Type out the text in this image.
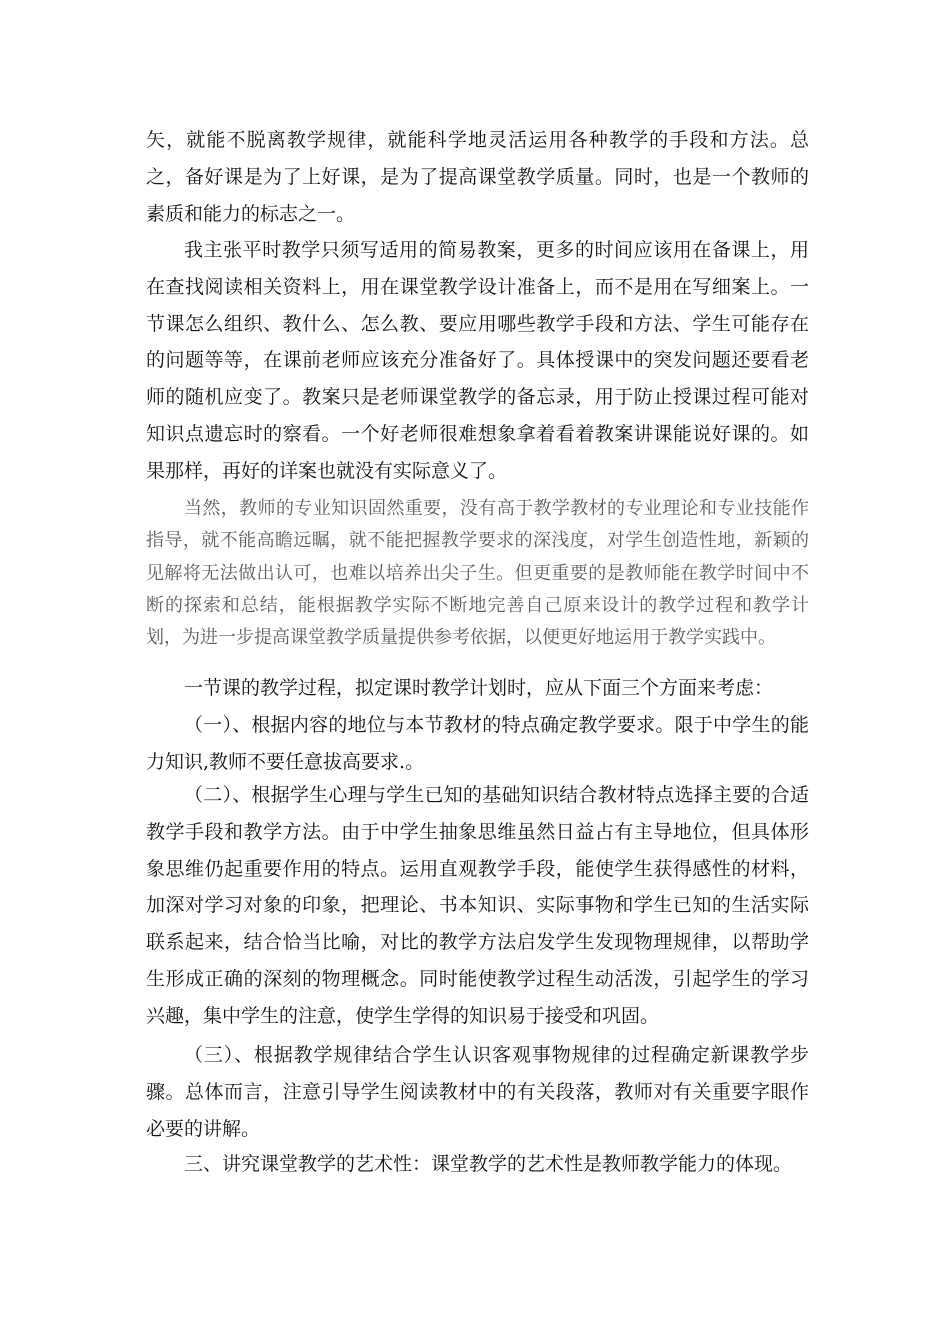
矢，就能不脱离教学规律，就能科学地灵活运用各种教学的手段和方法。总之，备好课是为了上好课，是为了提高课堂教学质量。同时，也是一个教师的素质和能力的标志之一。

我主张平时教学只须写适用的简易教案，更多的时间应该用在备课上，用在查找阅读相关资料上，用在课堂教学设计准备上，而不是用在写细案上。一节课怎么组织、教什么、怎么教、要应用哪些教学手段和方法、学生可能存在的问题等等，在课前老师应该充分准备好了。具体授课中的突发问题还要看老师的随机应变了。教案只是老师课堂教学的备忘录，用于防止授课过程可能对知识点遗忘时的察看。一个好老师很难想象拿着看着教案讲课能说好课的。如果那样，再好的详案也就没有实际意义了。

当然，教师的专业知识固然重要，没有高于教学教材的专业理论和专业技能作指导，就不能高瞻远瞩，就不能把握教学要求的深浅度，对学生创造性地，新颖的见解将无法做出认可，也难以培养出尖子生。但更重要的是教师能在教学时间中不断的探索和总结，能根据教学实际不断地完善自己原来设计的教学过程和教学计划，为进一步提高课堂教学质量提供参考依据，以便更好地运用于教学实践中。

一节课的教学过程，拟定课时教学计划时，应从下面三个方面来考虑：

（一）、根据内容的地位与本节教材的特点确定教学要求。限于中学生的能力知识,教师不要任意拔高要求.。

（二）、根据学生心理与学生已知的基础知识结合教材特点选择主要的合适教学手段和教学方法。由于中学生抽象思维虽然日益占有主导地位，但具体形象思维仍起重要作用的特点。运用直观教学手段，能使学生获得感性的材料，加深对学习对象的印象，把理论、书本知识、实际事物和学生已知的生活实际联系起来，结合恰当比喻，对比的教学方法启发学生发现物理规律，以帮助学生形成正确的深刻的物理概念。同时能使教学过程生动活泼，引起学生的学习兴趣，集中学生的注意，使学生学得的知识易于接受和巩固。

（三）、根据教学规律结合学生认识客观事物规律的过程确定新课教学步骤。总体而言，注意引导学生阅读教材中的有关段落，教师对有关重要字眼作必要的讲解。

三、讲究课堂教学的艺术性：课堂教学的艺术性是教师教学能力的体现。
